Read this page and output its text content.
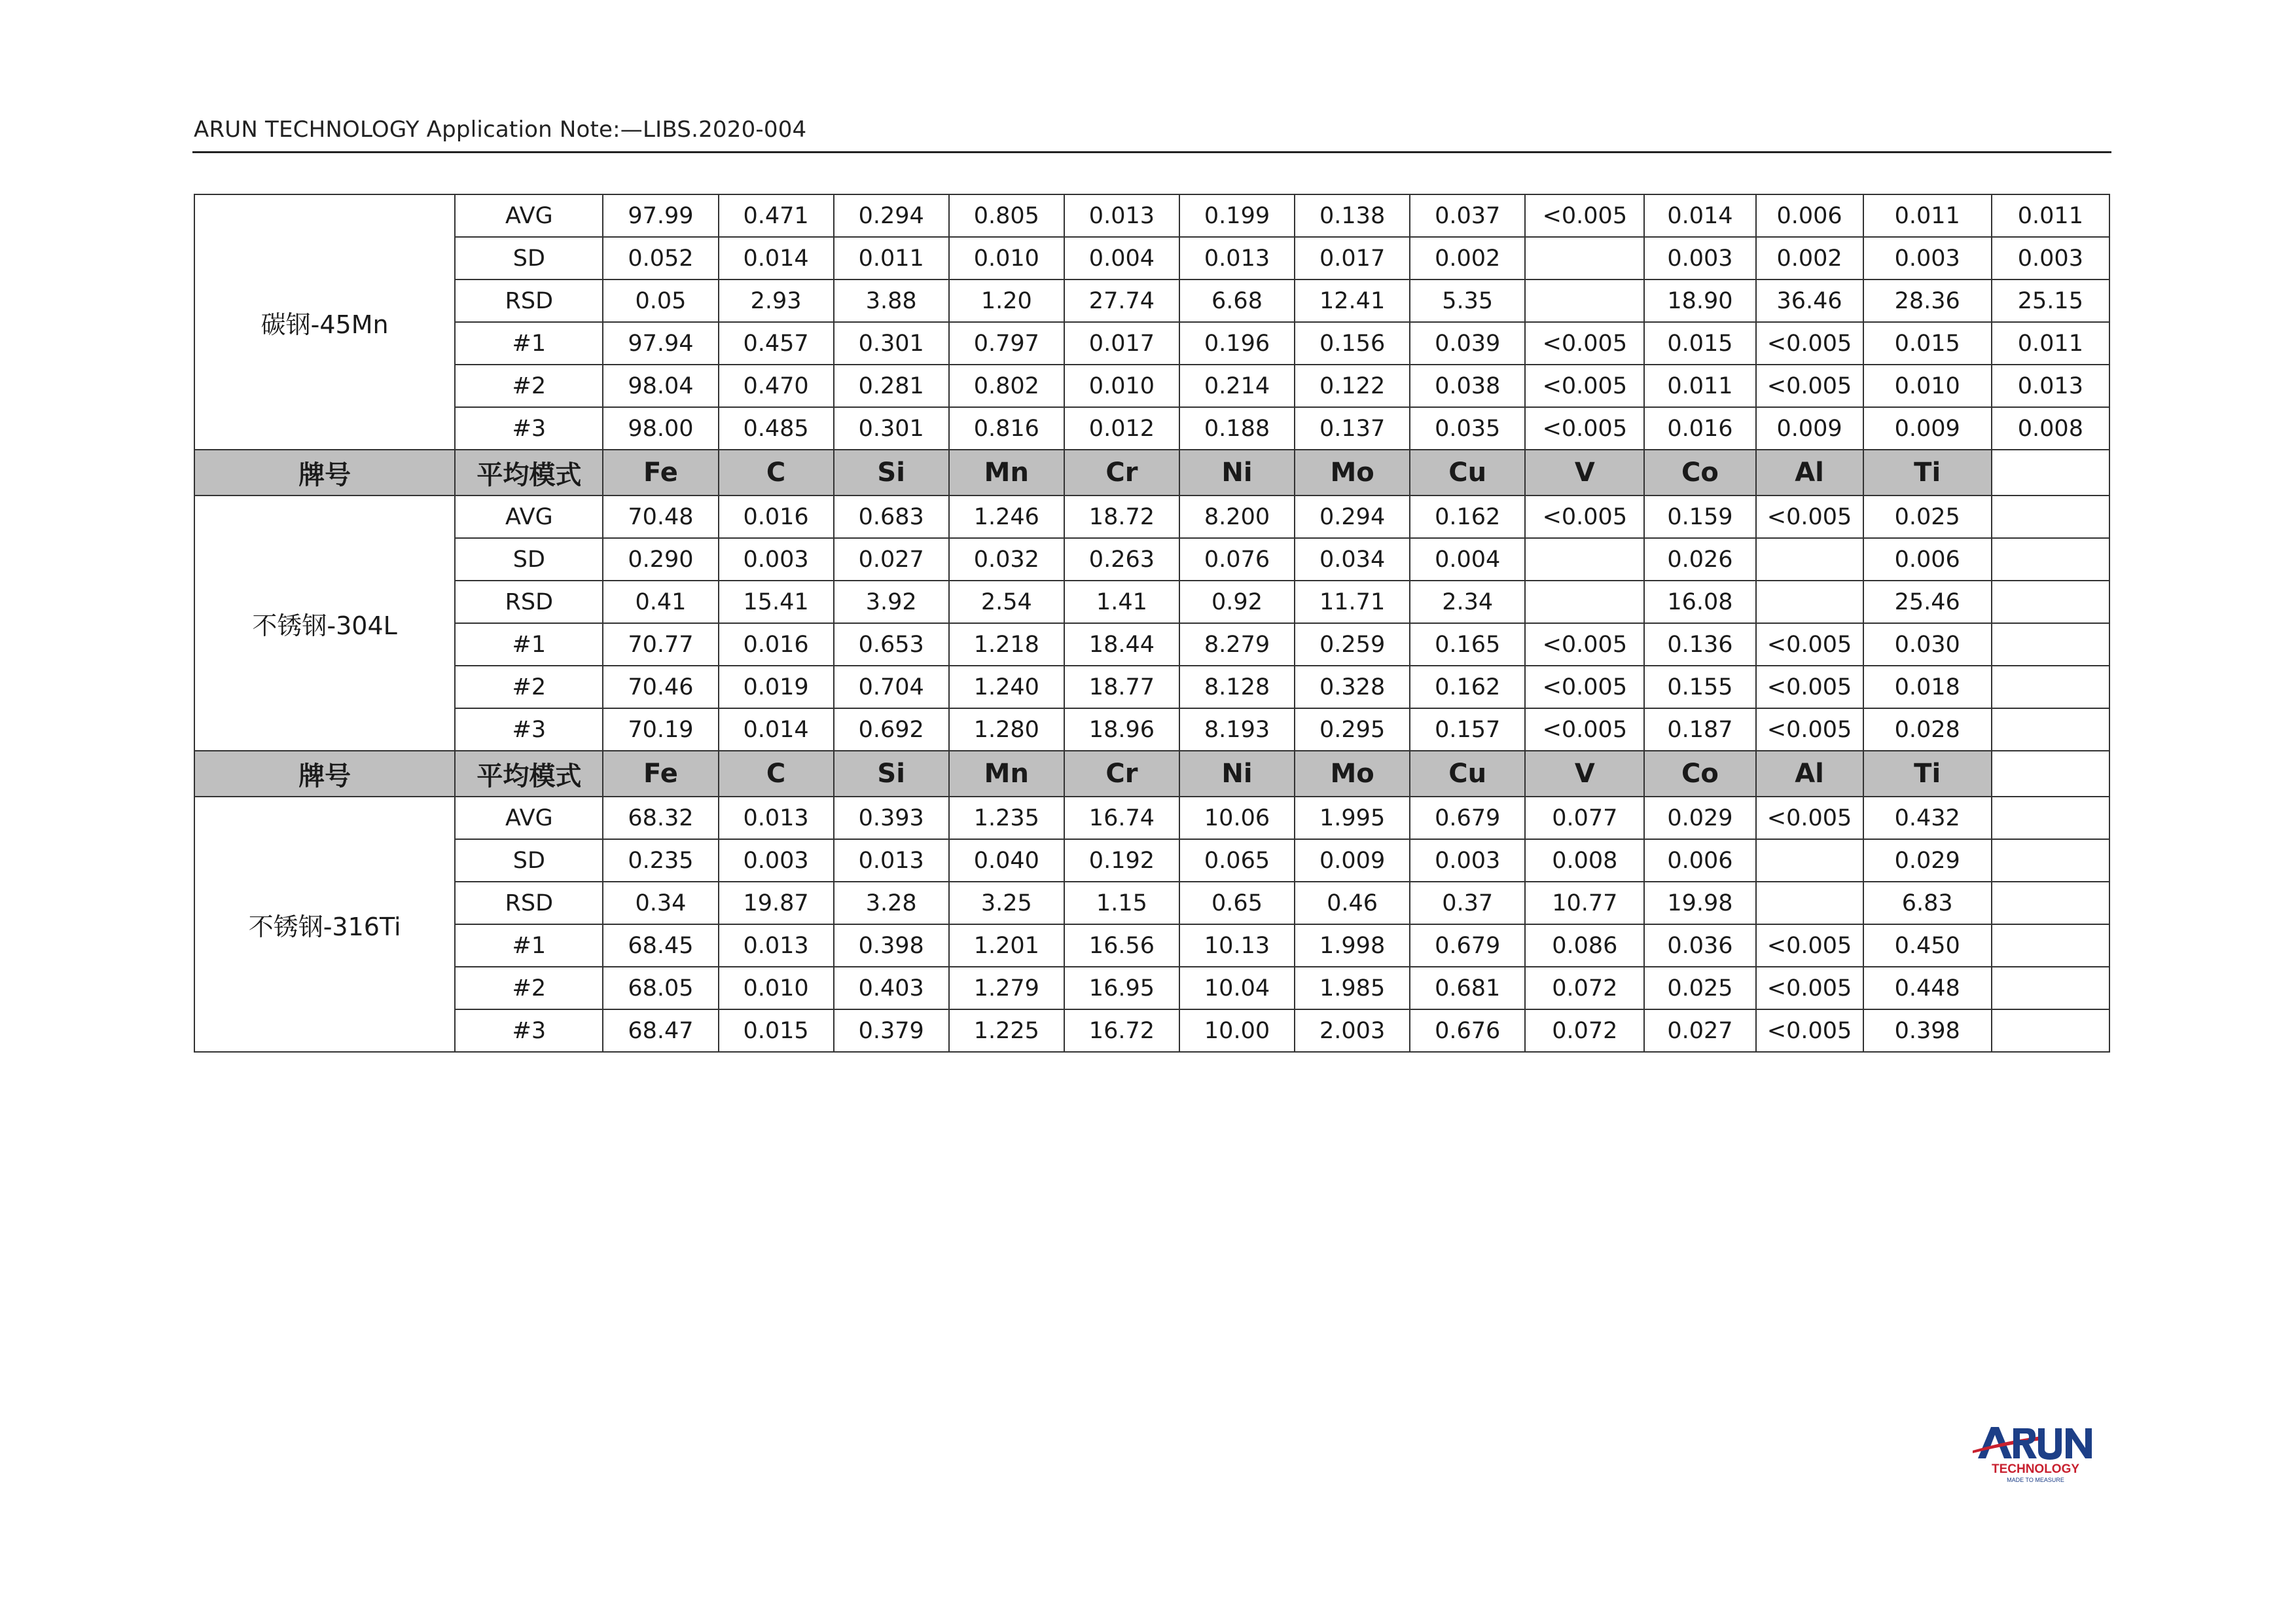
ARUN TECHNOLOGY Application Note:—LIBS.2020-004
碳钢-45Mn	AVG	97.99	0.471	0.294	0.805	0.013	0.199	0.138	0.037	<0.005	0.014	0.006	0.011	0.011
	SD	0.052	0.014	0.011	0.010	0.004	0.013	0.017	0.002		0.003	0.002	0.003	0.003
	RSD	0.05	2.93	3.88	1.20	27.74	6.68	12.41	5.35		18.90	36.46	28.36	25.15
	#1	97.94	0.457	0.301	0.797	0.017	0.196	0.156	0.039	<0.005	0.015	<0.005	0.015	0.011
	#2	98.04	0.470	0.281	0.802	0.010	0.214	0.122	0.038	<0.005	0.011	<0.005	0.010	0.013
	#3	98.00	0.485	0.301	0.816	0.012	0.188	0.137	0.035	<0.005	0.016	0.009	0.009	0.008
牌号	平均模式	Fe	C	Si	Mn	Cr	Ni	Mo	Cu	V	Co	Al	Ti	
不锈钢-304L	AVG	70.48	0.016	0.683	1.246	18.72	8.200	0.294	0.162	<0.005	0.159	<0.005	0.025	
	SD	0.290	0.003	0.027	0.032	0.263	0.076	0.034	0.004		0.026		0.006	
	RSD	0.41	15.41	3.92	2.54	1.41	0.92	11.71	2.34		16.08		25.46	
	#1	70.77	0.016	0.653	1.218	18.44	8.279	0.259	0.165	<0.005	0.136	<0.005	0.030	
	#2	70.46	0.019	0.704	1.240	18.77	8.128	0.328	0.162	<0.005	0.155	<0.005	0.018	
	#3	70.19	0.014	0.692	1.280	18.96	8.193	0.295	0.157	<0.005	0.187	<0.005	0.028	
牌号	平均模式	Fe	C	Si	Mn	Cr	Ni	Mo	Cu	V	Co	Al	Ti	
不锈钢-316Ti	AVG	68.32	0.013	0.393	1.235	16.74	10.06	1.995	0.679	0.077	0.029	<0.005	0.432	
	SD	0.235	0.003	0.013	0.040	0.192	0.065	0.009	0.003	0.008	0.006		0.029	
	RSD	0.34	19.87	3.28	3.25	1.15	0.65	0.46	0.37	10.77	19.98		6.83	
	#1	68.45	0.013	0.398	1.201	16.56	10.13	1.998	0.679	0.086	0.036	<0.005	0.450	
	#2	68.05	0.010	0.403	1.279	16.95	10.04	1.985	0.681	0.072	0.025	<0.005	0.448	
	#3	68.47	0.015	0.379	1.225	16.72	10.00	2.003	0.676	0.072	0.027	<0.005	0.398	
TECHNOLOGY
MADE TO MEASURE
